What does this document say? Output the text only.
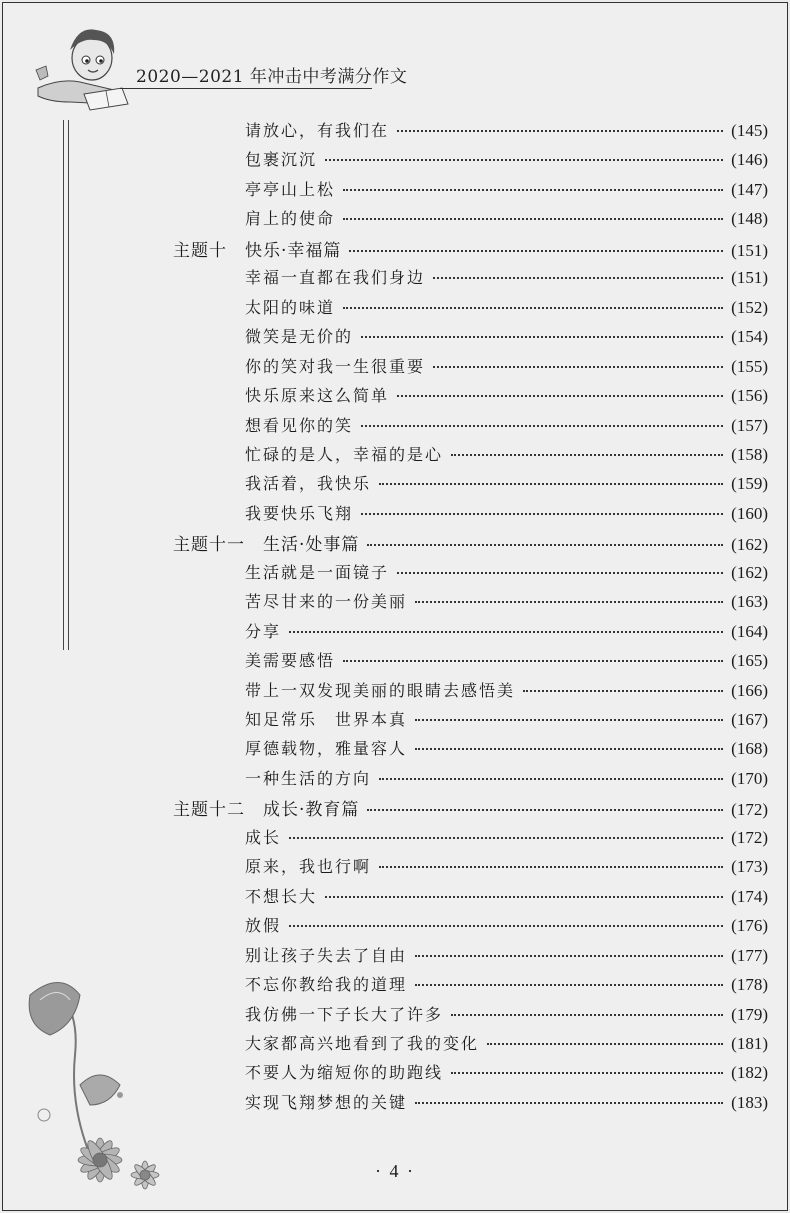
2020—2021 年冲击中考满分作文
请放心，有我们在	(145)
包裹沉沉	(146)
亭亭山上松	(147)
肩上的使命	(148)
主题十　快乐·幸福篇	(151)
幸福一直都在我们身边	(151)
太阳的味道	(152)
微笑是无价的	(154)
你的笑对我一生很重要	(155)
快乐原来这么简单	(156)
想看见你的笑	(157)
忙碌的是人，幸福的是心	(158)
我活着，我快乐	(159)
我要快乐飞翔	(160)
主题十一　生活·处事篇	(162)
生活就是一面镜子	(162)
苦尽甘来的一份美丽	(163)
分享	(164)
美需要感悟	(165)
带上一双发现美丽的眼睛去感悟美	(166)
知足常乐　世界本真	(167)
厚德载物，雅量容人	(168)
一种生活的方向	(170)
主题十二　成长·教育篇	(172)
成长	(172)
原来，我也行啊	(173)
不想长大	(174)
放假	(176)
别让孩子失去了自由	(177)
不忘你教给我的道理	(178)
我仿佛一下子长大了许多	(179)
大家都高兴地看到了我的变化	(181)
不要人为缩短你的助跑线	(182)
实现飞翔梦想的关键	(183)
· 4 ·
